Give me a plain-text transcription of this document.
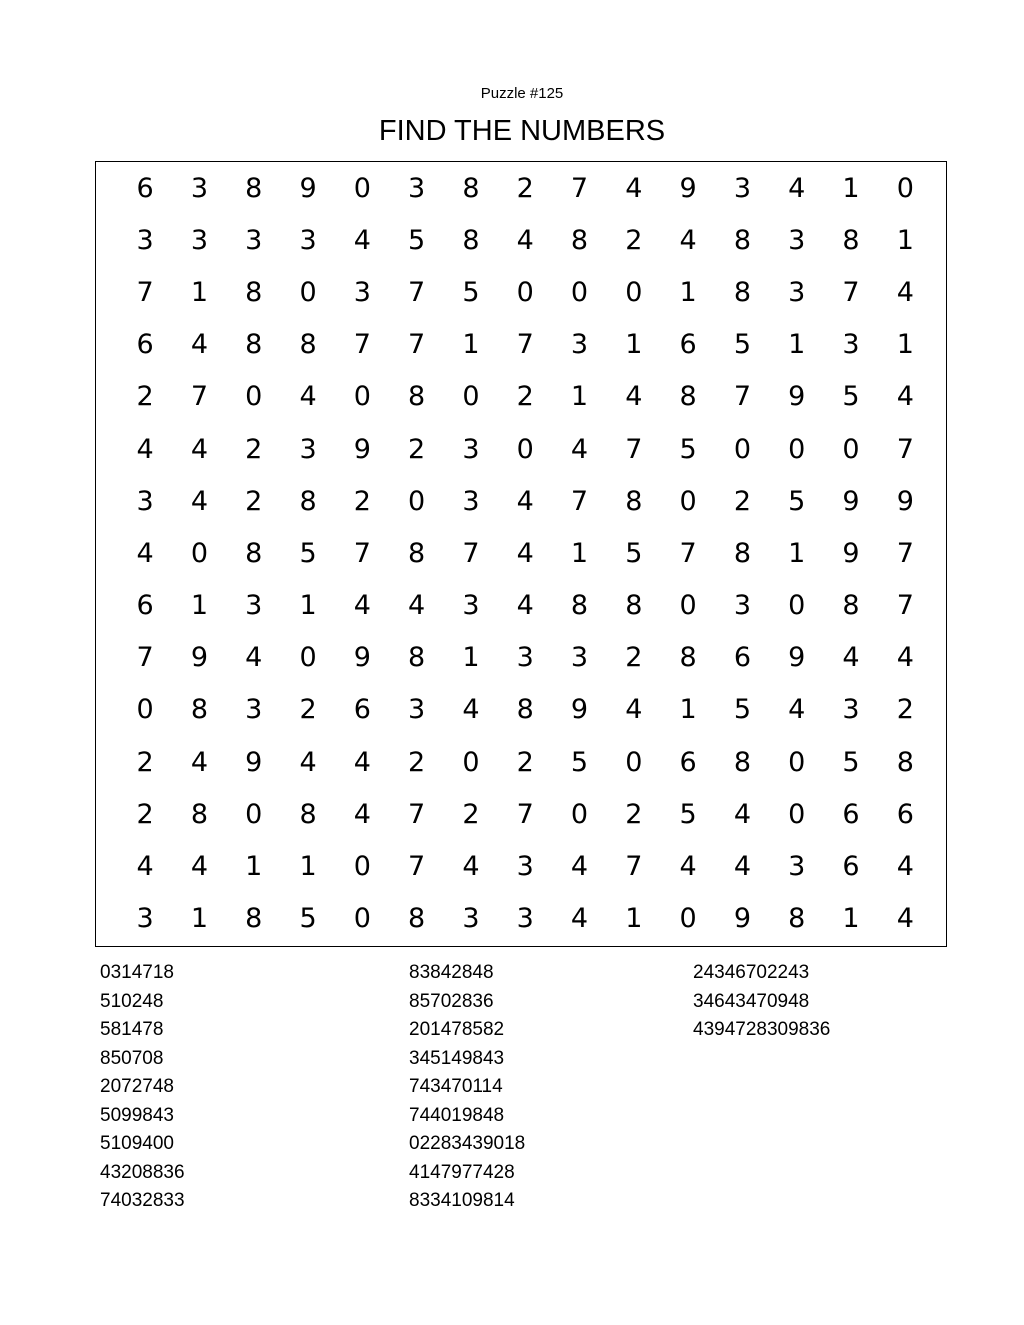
Puzzle #125
FIND THE NUMBERS
6	3	8	9	0	3	8	2	7	4	9	3	4	1	0
3	3	3	3	4	5	8	4	8	2	4	8	3	8	1
7	1	8	0	3	7	5	0	0	0	1	8	3	7	4
6	4	8	8	7	7	1	7	3	1	6	5	1	3	1
2	7	0	4	0	8	0	2	1	4	8	7	9	5	4
4	4	2	3	9	2	3	0	4	7	5	0	0	0	7
3	4	2	8	2	0	3	4	7	8	0	2	5	9	9
4	0	8	5	7	8	7	4	1	5	7	8	1	9	7
6	1	3	1	4	4	3	4	8	8	0	3	0	8	7
7	9	4	0	9	8	1	3	3	2	8	6	9	4	4
0	8	3	2	6	3	4	8	9	4	1	5	4	3	2
2	4	9	4	4	2	0	2	5	0	6	8	0	5	8
2	8	0	8	4	7	2	7	0	2	5	4	0	6	6
4	4	1	1	0	7	4	3	4	7	4	4	3	6	4
3	1	8	5	0	8	3	3	4	1	0	9	8	1	4
0314718
510248
581478
850708
2072748
5099843
5109400
43208836
74032833
83842848
85702836
201478582
345149843
743470114
744019848
02283439018
4147977428
8334109814
24346702243
34643470948
4394728309836
